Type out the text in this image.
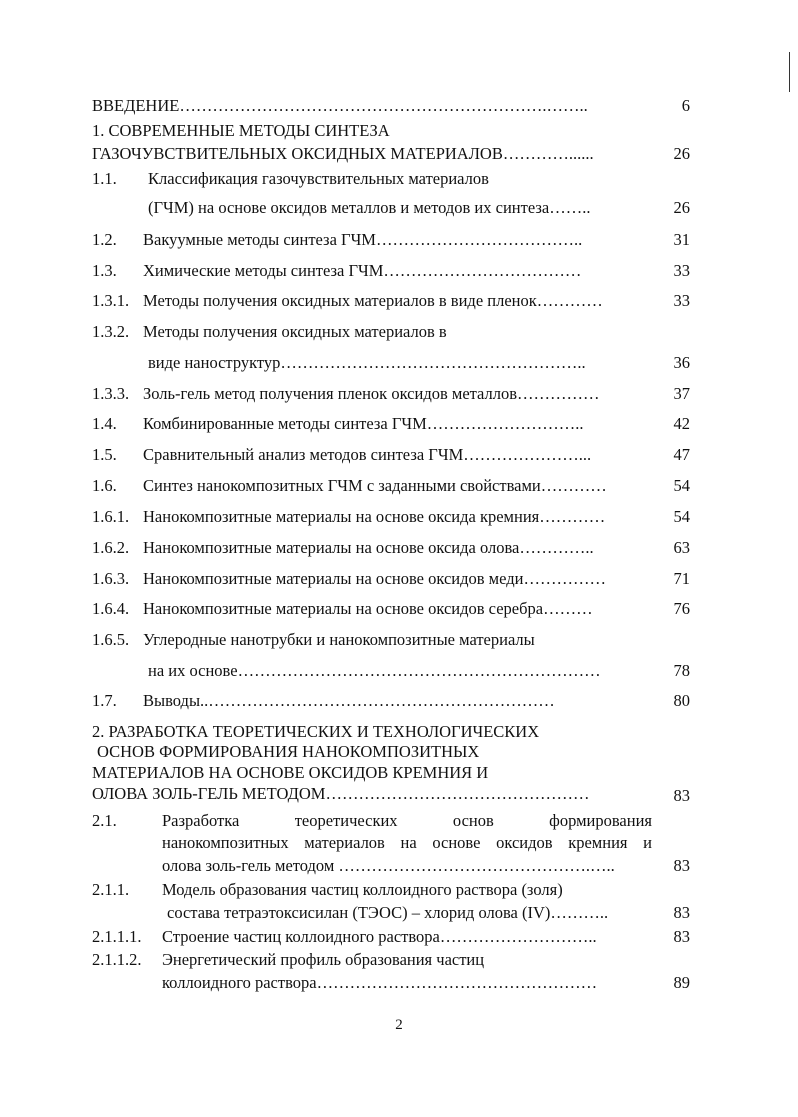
ВВЕДЕНИЕ………………………………………………………….……..	6
1. СОВРЕМЕННЫЕ МЕТОДЫ СИНТЕЗА
ГАЗОЧУВСТВИТЕЛЬНЫХ ОКСИДНЫХ МАТЕРИАЛОВ…………......	26
1.1. Классификация газочувствительных материалов
(ГЧМ) на основе оксидов металлов и методов их синтеза……..	26
1.2. Вакуумные методы синтеза ГЧМ………………………………..	31
1.3. Химические методы синтеза ГЧМ………………………………	33
1.3.1. Методы получения оксидных материалов в виде пленок…………	33
1.3.2. Методы получения оксидных материалов в
виде наноструктур………………………………………………..	36
1.3.3. Золь-гель метод получения пленок оксидов металлов……………	37
1.4. Комбинированные методы синтеза ГЧМ………………………..	42
1.5. Сравнительный анализ методов синтеза ГЧМ…………………...	47
1.6. Синтез нанокомпозитных ГЧМ с заданными свойствами…………	54
1.6.1. Нанокомпозитные материалы на основе оксида кремния…………	54
1.6.2. Нанокомпозитные материалы на основе оксида олова…………..	63
1.6.3. Нанокомпозитные материалы на основе оксидов меди……………	71
1.6.4. Нанокомпозитные материалы на основе оксидов серебра………	76
1.6.5. Углеродные нанотрубки и нанокомпозитные материалы
на их основе…………………………………………………………	78
1.7. Выводы..………………………………………………………	80
2. РАЗРАБОТКА ТЕОРЕТИЧЕСКИХ И ТЕХНОЛОГИЧЕСКИХ
ОСНОВ ФОРМИРОВАНИЯ НАНОКОМПОЗИТНЫХ
МАТЕРИАЛОВ НА ОСНОВЕ ОКСИДОВ КРЕМНИЯ И
ОЛОВА ЗОЛЬ-ГЕЛЬ МЕТОДОМ…………………………………………	83
2.1.	Разработка теоретических основ формирования
нанокомпозитных материалов на основе оксидов кремния и
олова золь-гель методом ……………………………………….…..	83
2.1.1. Модель образования частиц коллоидного раствора (золя)
состава тетраэтоксисилан (ТЭОС) – хлорид олова (IV)………..	83
2.1.1.1. Строение частиц коллоидного раствора………………………..	83
2.1.1.2. Энергетический профиль образования частиц
коллоидного раствора……………………………………………	89
2
